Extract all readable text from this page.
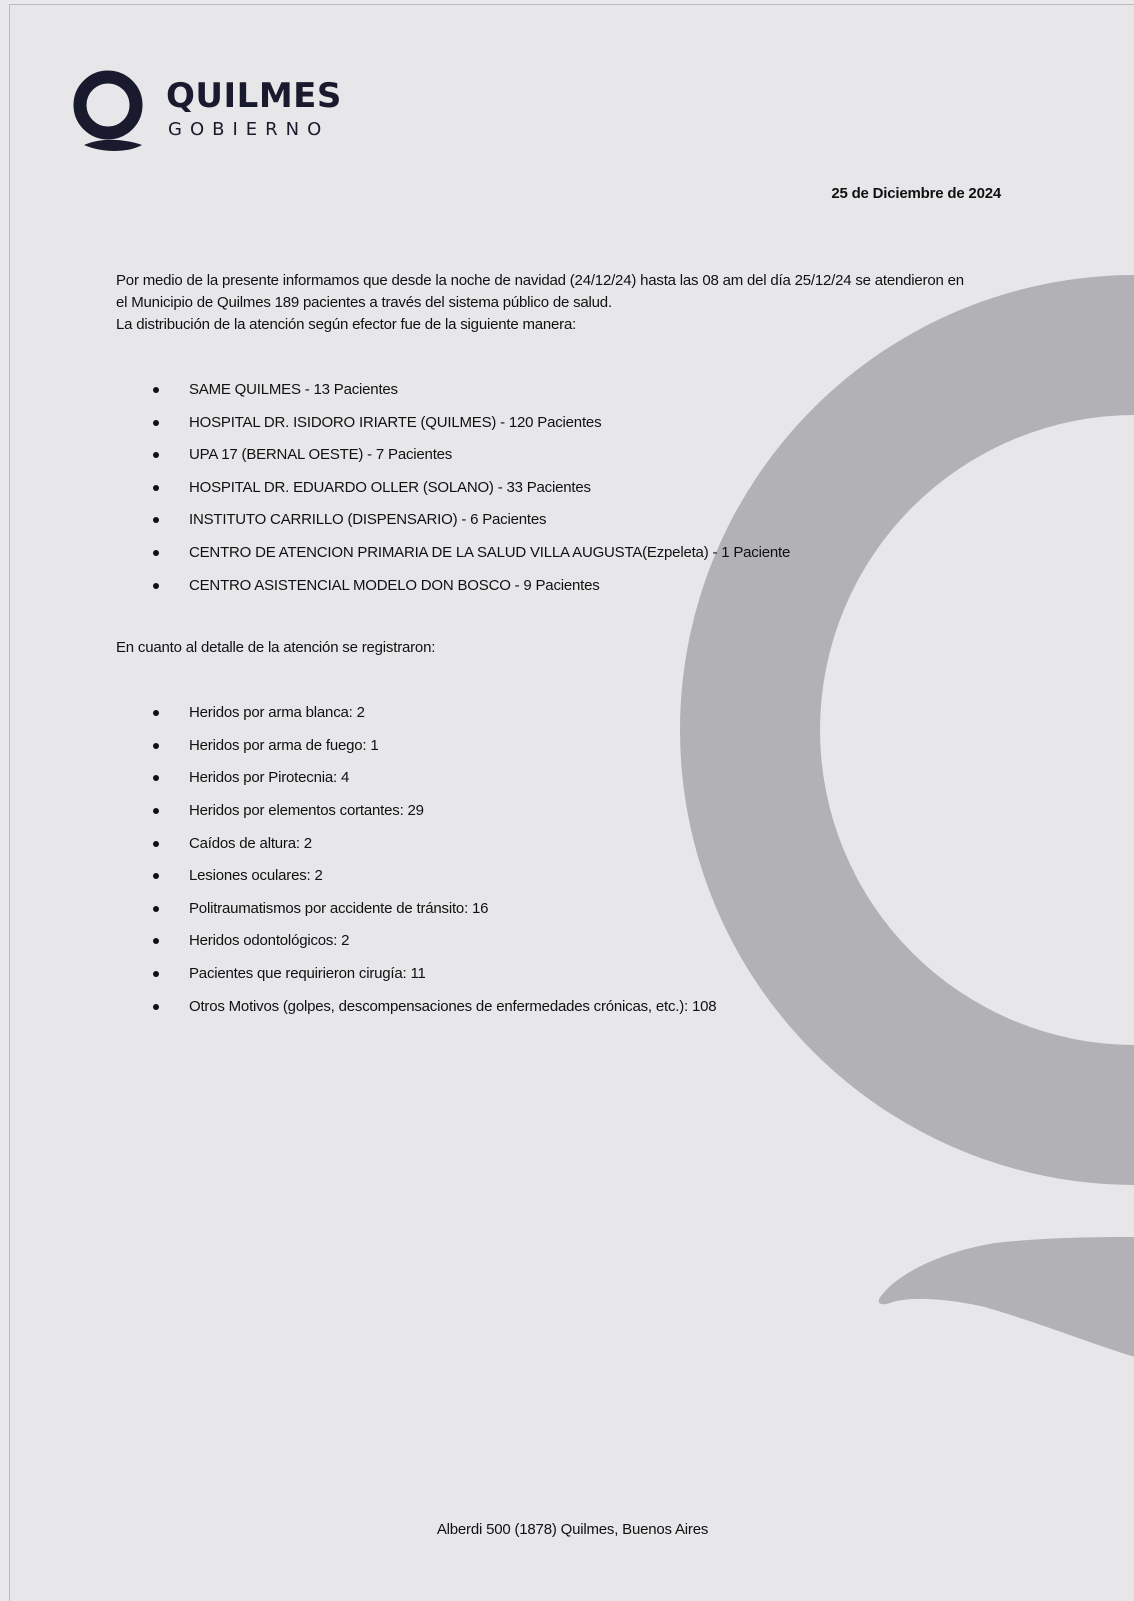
QUILMES

GOBIERNO

25 de Diciembre de 2024

Por medio de la presente informamos que desde la noche de navidad (24/12/24) hasta las 08 am del día 25/12/24 se atendieron en

el Municipio de Quilmes 189 pacientes a través del sistema público de salud.

La distribución de la atención según efector fue de la siguiente manera:

SAME QUILMES - 13 Pacientes
HOSPITAL DR. ISIDORO IRIARTE (QUILMES) - 120 Pacientes
UPA 17 (BERNAL OESTE) - 7 Pacientes
HOSPITAL DR. EDUARDO OLLER (SOLANO) - 33 Pacientes
INSTITUTO CARRILLO (DISPENSARIO) - 6 Pacientes
CENTRO DE ATENCION PRIMARIA DE LA SALUD VILLA AUGUSTA(Ezpeleta) - 1 Paciente
CENTRO ASISTENCIAL MODELO DON BOSCO - 9 Pacientes

En cuanto al detalle de la atención se registraron:

Heridos por arma blanca: 2
Heridos por arma de fuego: 1
Heridos por Pirotecnia: 4
Heridos por elementos cortantes: 29
Caídos de altura: 2
Lesiones oculares: 2
Politraumatismos por accidente de tránsito: 16
Heridos odontológicos: 2
Pacientes que requirieron cirugía: 11
Otros Motivos (golpes, descompensaciones de enfermedades crónicas, etc.): 108

Alberdi 500 (1878) Quilmes, Buenos Aires
